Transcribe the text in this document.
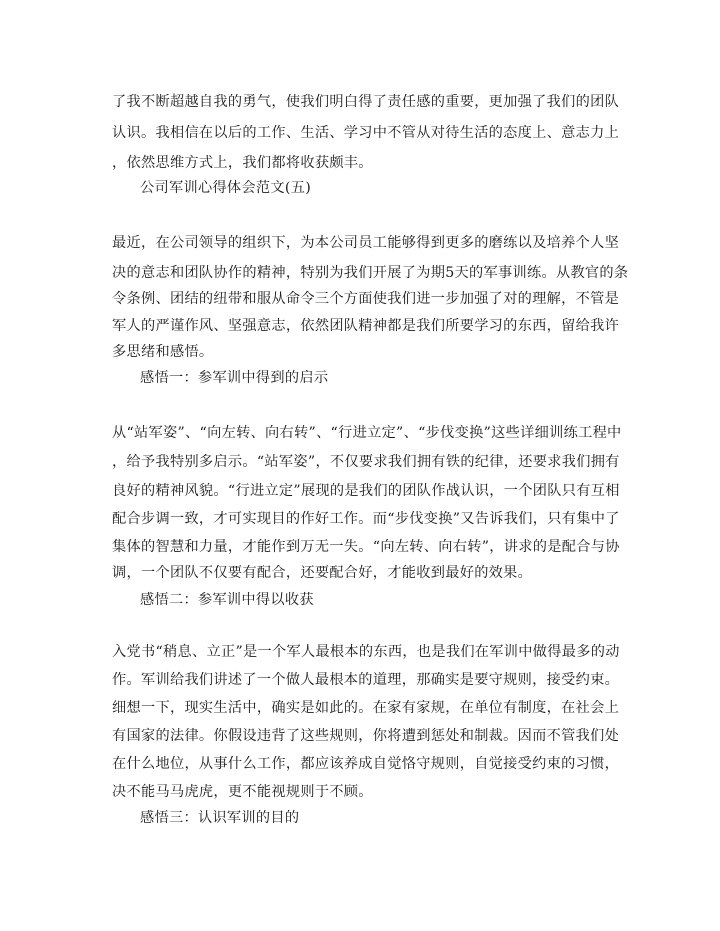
了我不断超越自我的勇气，使我们明白得了责任感的重要，更加强了我们的团队
认识。我相信在以后的工作、生活、学习中不管从对待生活的态度上、意志力上
，依然思维方式上，我们都将收获颇丰。
公司军训心得体会范文(五)
最近，在公司领导的组织下，为本公司员工能够得到更多的磨练以及培养个人坚
决的意志和团队协作的精神，特别为我们开展了为期5天的军事训练。从教官的条
令条例、团结的纽带和服从命令三个方面使我们进一步加强了对的理解，不管是
军人的严谨作风、坚强意志，依然团队精神都是我们所要学习的东西，留给我许
多思绪和感悟。
感悟一：参军训中得到的启示
从“站军姿”、“向左转、向右转”、“行进立定”、“步伐变换”这些详细训练工程中
，给予我特别多启示。“站军姿”，不仅要求我们拥有铁的纪律，还要求我们拥有
良好的精神风貌。“行进立定”展现的是我们的团队作战认识，一个团队只有互相
配合步调一致，才可实现目的作好工作。而“步伐变换”又告诉我们，只有集中了
集体的智慧和力量，才能作到万无一失。“向左转、向右转”，讲求的是配合与协
调，一个团队不仅要有配合，还要配合好，才能收到最好的效果。
感悟二：参军训中得以收获
入党书“稍息、立正”是一个军人最根本的东西，也是我们在军训中做得最多的动
作。军训给我们讲述了一个做人最根本的道理，那确实是要守规则，接受约束。
细想一下，现实生活中，确实是如此的。在家有家规，在单位有制度，在社会上
有国家的法律。你假设违背了这些规则，你将遭到惩处和制裁。因而不管我们处
在什么地位，从事什么工作，都应该养成自觉恪守规则，自觉接受约束的习惯，
决不能马马虎虎，更不能视规则于不顾。
感悟三：认识军训的目的
